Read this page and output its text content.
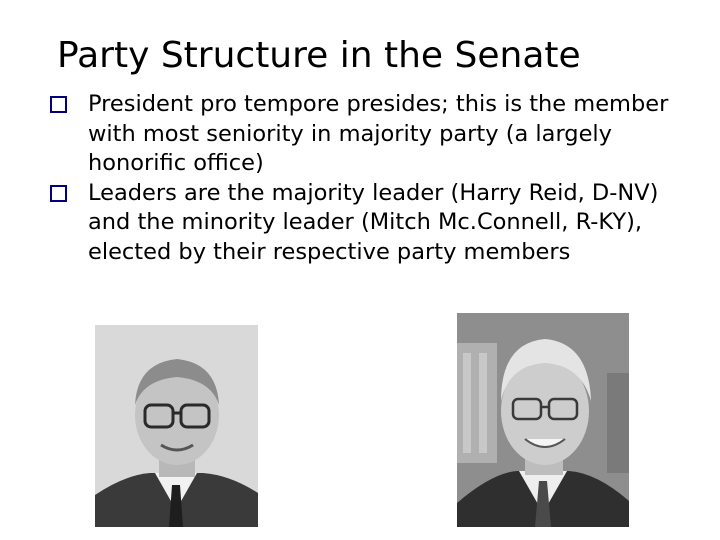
Party Structure in the Senate
President pro tempore presides; this is the member with most seniority in majority party (a largely honorific office)
Leaders are the majority leader (Harry Reid, D-NV) and the minority leader (Mitch Mc.Connell, R-KY), elected by their respective party members
